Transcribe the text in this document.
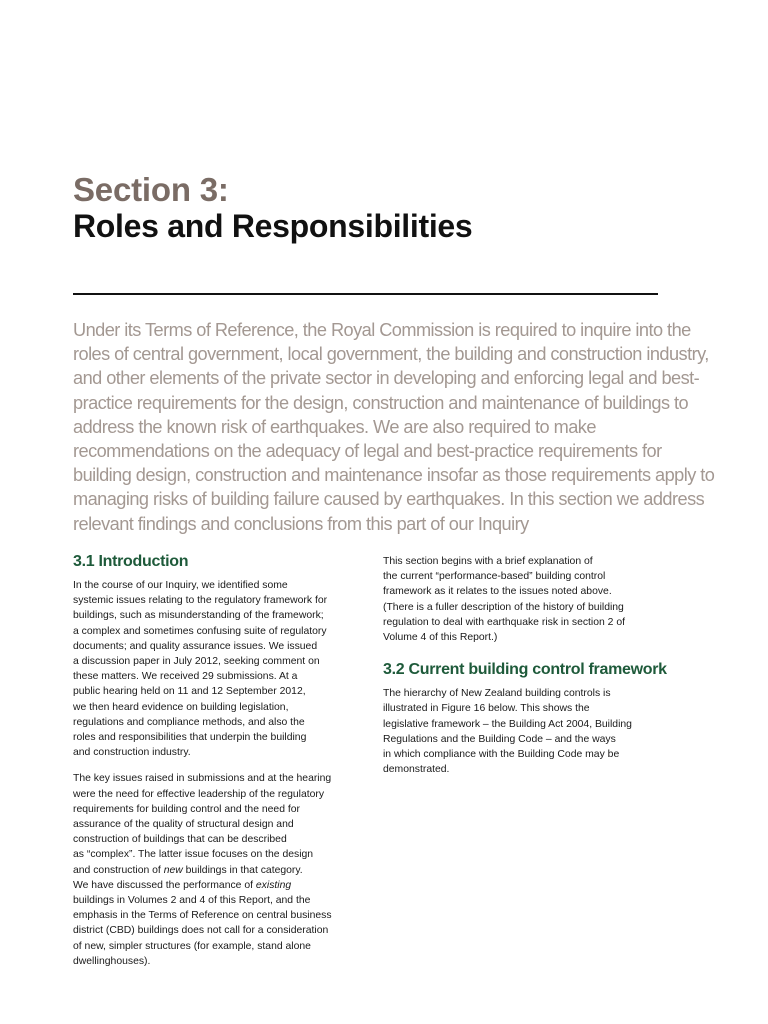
Section 3:
Roles and Responsibilities
Under its Terms of Reference, the Royal Commission is required to inquire into the
roles of central government, local government, the building and construction industry,
and other elements of the private sector in developing and enforcing legal and best-
practice requirements for the design, construction and maintenance of buildings to
address the known risk of earthquakes. We are also required to make
recommendations on the adequacy of legal and best-practice requirements for
building design, construction and maintenance insofar as those requirements apply to
managing risks of building failure caused by earthquakes. In this section we address
relevant findings and conclusions from this part of our Inquiry
3.1 Introduction
In the course of our Inquiry, we identified some
systemic issues relating to the regulatory framework for
buildings, such as misunderstanding of the framework;
a complex and sometimes confusing suite of regulatory
documents; and quality assurance issues. We issued
a discussion paper in July 2012, seeking comment on
these matters. We received 29 submissions. At a
public hearing held on 11 and 12 September 2012,
we then heard evidence on building legislation,
regulations and compliance methods, and also the
roles and responsibilities that underpin the building
and construction industry.
The key issues raised in submissions and at the hearing
were the need for effective leadership of the regulatory
requirements for building control and the need for
assurance of the quality of structural design and
construction of buildings that can be described
as “complex”. The latter issue focuses on the design
and construction of new buildings in that category.
We have discussed the performance of existing
buildings in Volumes 2 and 4 of this Report, and the
emphasis in the Terms of Reference on central business
district (CBD) buildings does not call for a consideration
of new, simpler structures (for example, stand alone
dwellinghouses).
This section begins with a brief explanation of
the current “performance-based” building control
framework as it relates to the issues noted above.
(There is a fuller description of the history of building
regulation to deal with earthquake risk in section 2 of
Volume 4 of this Report.)
3.2 Current building control framework
The hierarchy of New Zealand building controls is
illustrated in Figure 16 below. This shows the
legislative framework – the Building Act 2004, Building
Regulations and the Building Code – and the ways
in which compliance with the Building Code may be
demonstrated.
